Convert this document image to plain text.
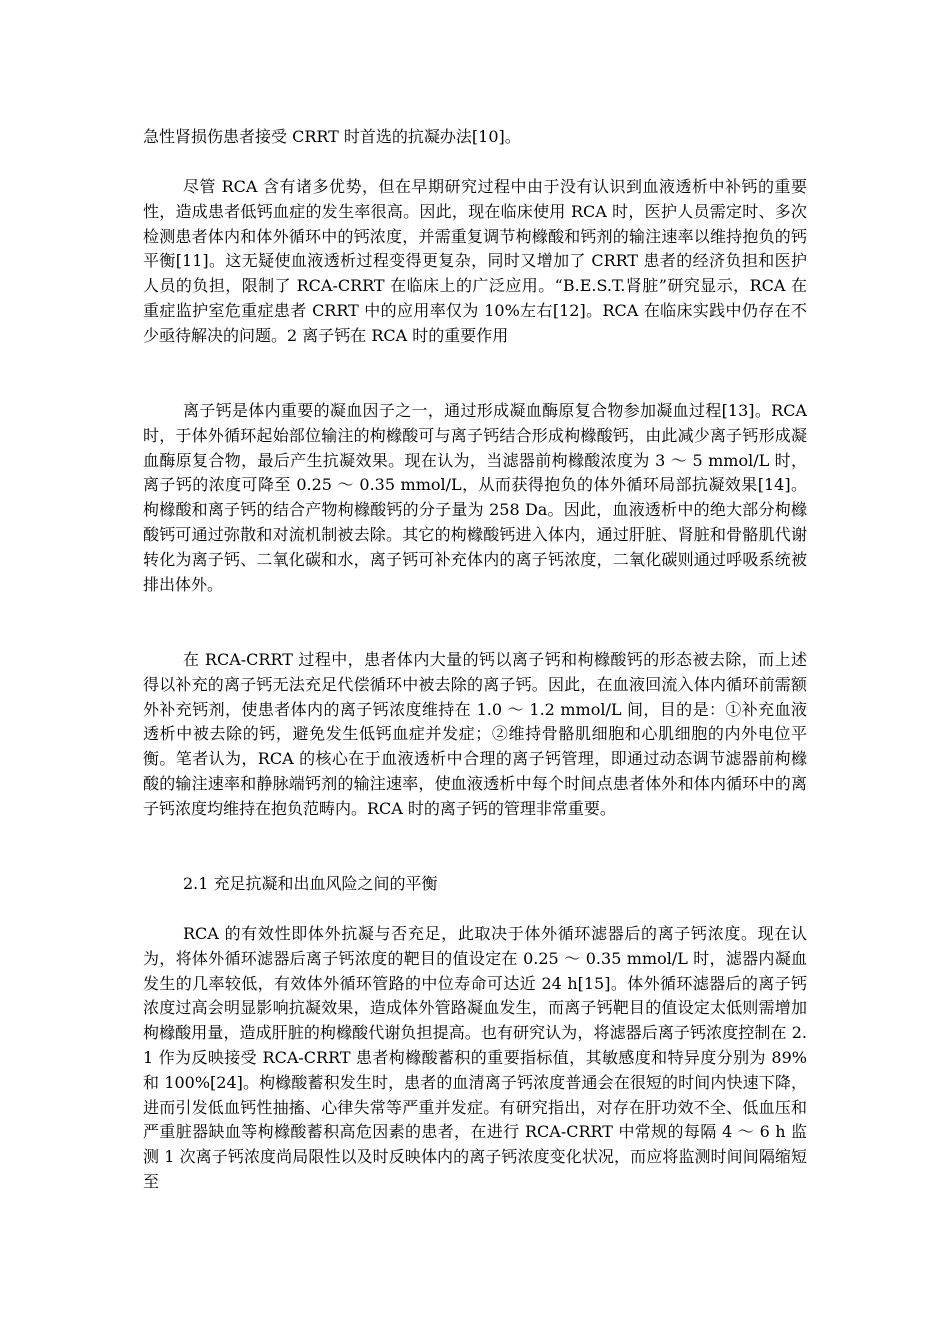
急性肾损伤患者接受 CRRT 时首选的抗凝办法[10]。
尽管 RCA 含有诸多优势，但在早期研究过程中由于没有认识到血液透析中补钙的重要性，造成患者低钙血症的发生率很高。因此，现在临床使用 RCA 时，医护人员需定时、多次检测患者体内和体外循环中的钙浓度，并需重复调节枸橼酸和钙剂的输注速率以维持抱负的钙平衡[11]。这无疑使血液透析过程变得更复杂，同时又增加了 CRRT 患者的经济负担和医护人员的负担，限制了 RCA-CRRT 在临床上的广泛应用。“B.E.S.T.肾脏”研究显示，RCA 在重症监护室危重症患者 CRRT 中的应用率仅为 10%左右[12]。RCA 在临床实践中仍存在不少亟待解决的问题。2 离子钙在 RCA 时的重要作用
离子钙是体内重要的凝血因子之一，通过形成凝血酶原复合物参加凝血过程[13]。RCA 时，于体外循环起始部位输注的枸橼酸可与离子钙结合形成枸橼酸钙，由此减少离子钙形成凝血酶原复合物，最后产生抗凝效果。现在认为，当滤器前枸橼酸浓度为 3 ～ 5 mmol/L 时，离子钙的浓度可降至 0.25 ～ 0.35 mmol/L，从而获得抱负的体外循环局部抗凝效果[14]。枸橼酸和离子钙的结合产物枸橼酸钙的分子量为 258 Da。因此，血液透析中的绝大部分枸橼酸钙可通过弥散和对流机制被去除。其它的枸橼酸钙进入体内，通过肝脏、肾脏和骨骼肌代谢转化为离子钙、二氧化碳和水，离子钙可补充体内的离子钙浓度，二氧化碳则通过呼吸系统被排出体外。
在 RCA-CRRT 过程中，患者体内大量的钙以离子钙和枸橼酸钙的形态被去除，而上述得以补充的离子钙无法充足代偿循环中被去除的离子钙。因此，在血液回流入体内循环前需额外补充钙剂，使患者体内的离子钙浓度维持在 1.0 ～ 1.2 mmol/L 间，目的是：①补充血液透析中被去除的钙，避免发生低钙血症并发症；②维持骨骼肌细胞和心肌细胞的内外电位平衡。笔者认为，RCA 的核心在于血液透析中合理的离子钙管理，即通过动态调节滤器前枸橼酸的输注速率和静脉端钙剂的输注速率，使血液透析中每个时间点患者体外和体内循环中的离子钙浓度均维持在抱负范畴内。RCA 时的离子钙的管理非常重要。
2.1 充足抗凝和出血风险之间的平衡
RCA 的有效性即体外抗凝与否充足，此取决于体外循环滤器后的离子钙浓度。现在认为，将体外循环滤器后离子钙浓度的靶目的值设定在 0.25 ～ 0.35 mmol/L 时，滤器内凝血发生的几率较低，有效体外循环管路的中位寿命可达近 24 h[15]。体外循环滤器后的离子钙浓度过高会明显影响抗凝效果，造成体外管路凝血发生，而离子钙靶目的值设定太低则需增加枸橼酸用量，造成肝脏的枸橼酸代谢负担提高。也有研究认为，将滤器后离子钙浓度控制在 2.1 作为反映接受 RCA-CRRT 患者枸橼酸蓄积的重要指标值，其敏感度和特异度分别为 89%和 100%[24]。枸橼酸蓄积发生时，患者的血清离子钙浓度普通会在很短的时间内快速下降，进而引发低血钙性抽搐、心律失常等严重并发症。有研究指出，对存在肝功效不全、低血压和严重脏器缺血等枸橼酸蓄积高危因素的患者，在进行 RCA-CRRT 中常规的每隔 4 ～ 6 h 监测 1 次离子钙浓度尚局限性以及时反映体内的离子钙浓度变化状况，而应将监测时间间隔缩短至
